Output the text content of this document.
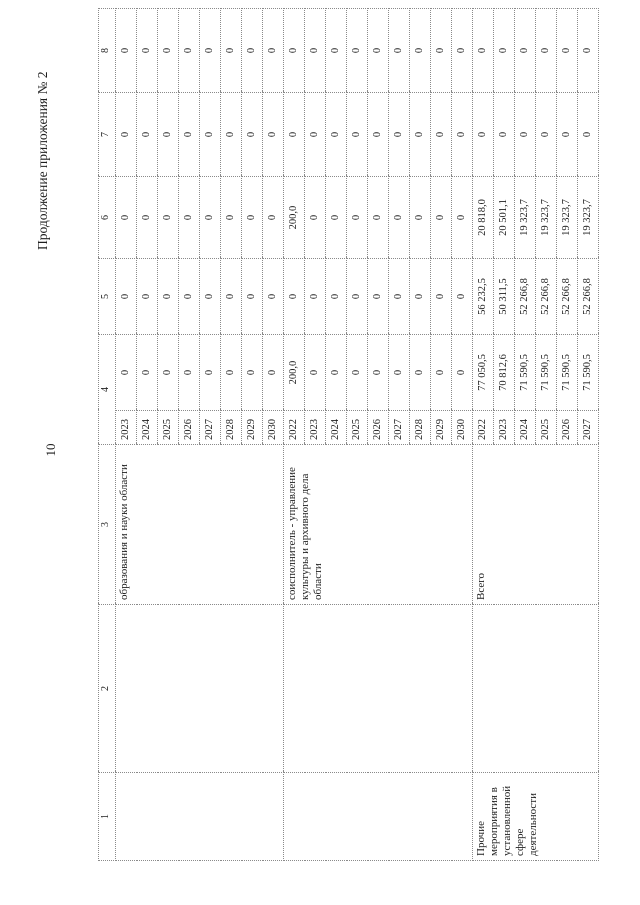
10
Продолжение приложения № 2
1	2	3	4		5	6	7	8
		образования и науки области	2023	0	0	0	0	0
			2024	0	0	0	0	0
			2025	0	0	0	0	0
			2026	0	0	0	0	0
			2027	0	0	0	0	0
			2028	0	0	0	0	0
			2029	0	0	0	0	0
			2030	0	0	0	0	0
		соисполнитель - управление культуры и архивного дела области	2022	200,0	0	200,0	0	0
			2023	0	0	0	0	0
			2024	0	0	0	0	0
			2025	0	0	0	0	0
			2026	0	0	0	0	0
			2027	0	0	0	0	0
			2028	0	0	0	0	0
			2029	0	0	0	0	0
			2030	0	0	0	0	0
Прочие мероприятия в установленной сфере деятельности		Всего	2022	77 050,5	56 232,5	20 818,0	0	0
			2023	70 812,6	50 311,5	20 501,1	0	0
			2024	71 590,5	52 266,8	19 323,7	0	0
			2025	71 590,5	52 266,8	19 323,7	0	0
			2026	71 590,5	52 266,8	19 323,7	0	0
			2027	71 590,5	52 266,8	19 323,7	0	0
